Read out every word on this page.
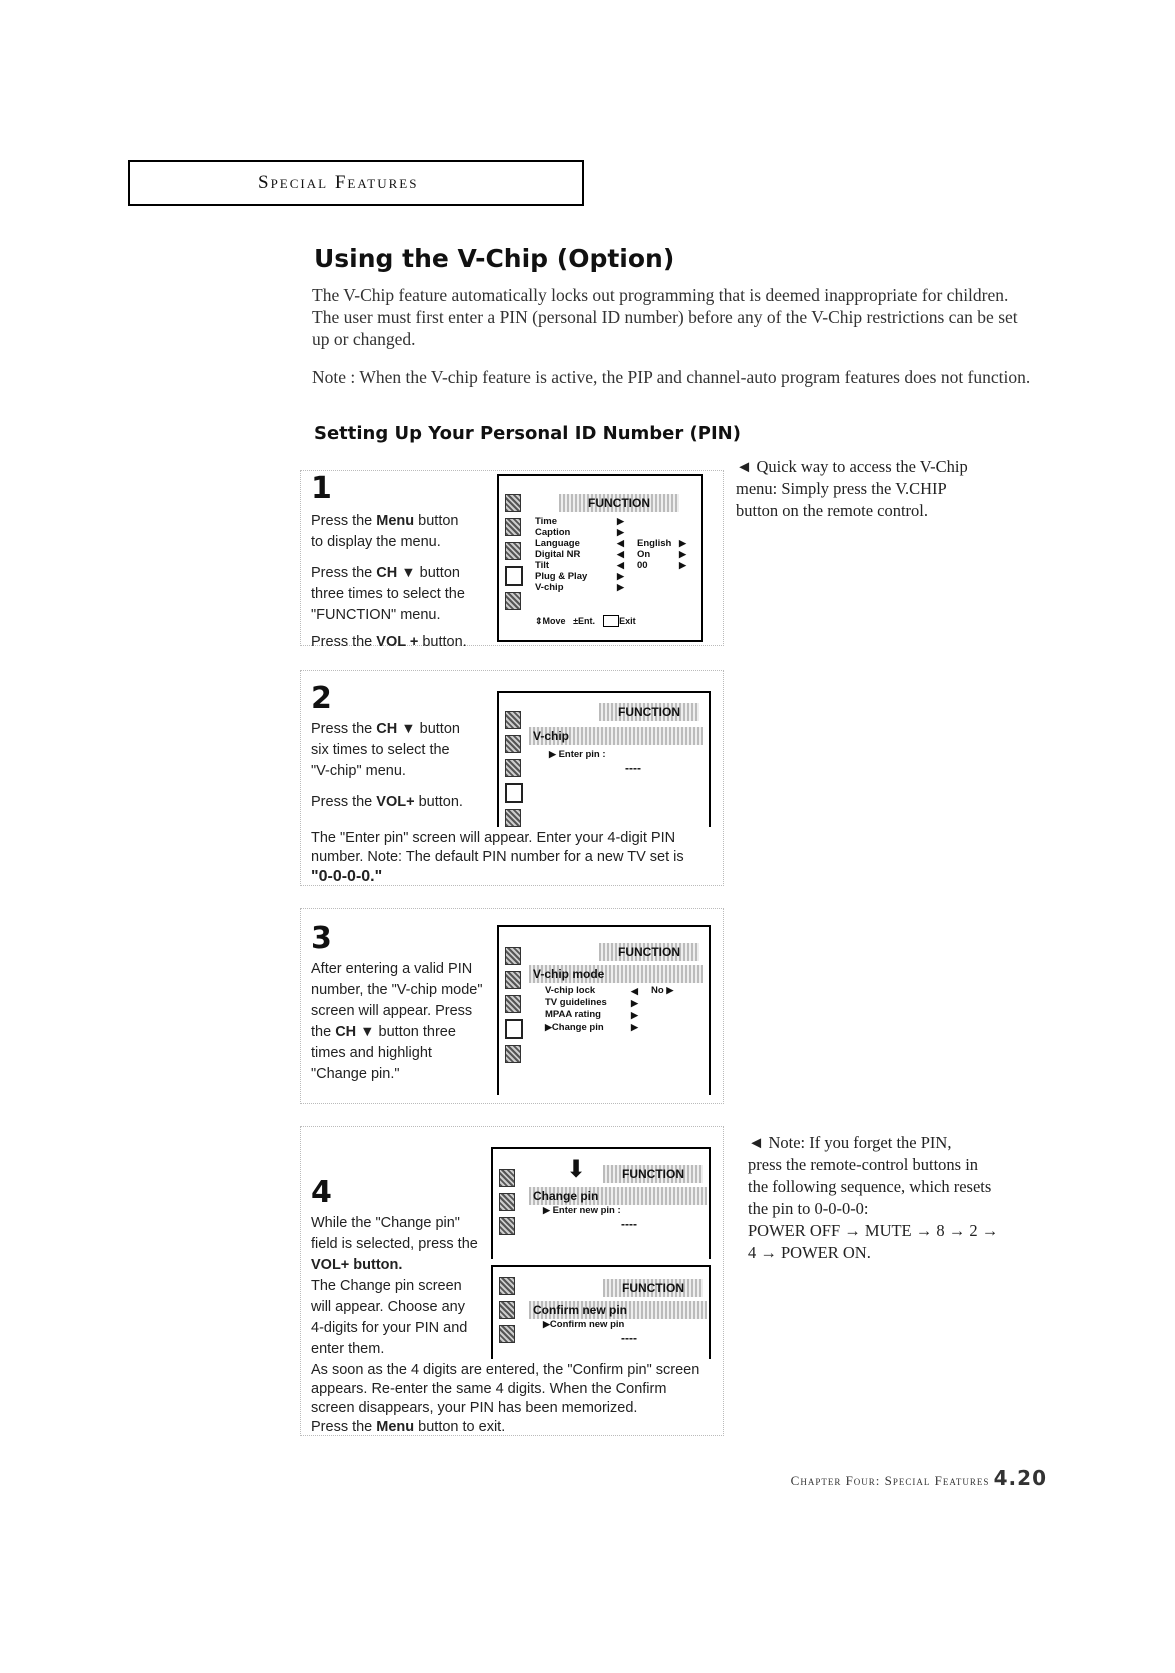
Special Features
Using the V-Chip (Option)
The V-Chip feature automatically locks out programming that is deemed inappropriate for children. The user must first enter a PIN (personal ID number) before any of the V-Chip restrictions can be set up or changed.
Note : When the V-chip feature is active, the PIP and channel-auto program features does not function.
Setting Up Your Personal ID Number (PIN)
1
Press the Menu button
to display the menu.
Press the CH ▼ button
three times to select the
"FUNCTION" menu.
Press the VOL + button.
FUNCTION
Time
Caption
Language
Digital NR
Tilt
Plug & Play
V-chip
▶
▶
◀
◀
◀
▶
▶
English
On
00
▶
▶
▶
⇕Move ±Ent.	Exit
2
Press the CH ▼ button
six times to select the
"V-chip" menu.
Press the VOL+ button.
The "Enter pin" screen will appear. Enter your 4-digit PIN
number. Note: The default PIN number for a new TV set is
"0-0-0-0."
FUNCTION
V-chip
▶ Enter pin :
----
3
After entering a valid PIN
number, the "V-chip mode"
screen will appear. Press
the CH ▼ button three
times and highlight
"Change pin."
FUNCTION
V-chip mode
V-chip lock
TV guidelines
MPAA rating
▶Change pin
◀
▶
▶
▶
No ▶
4
While the "Change pin"
field is selected, press the
VOL+ button.
The Change pin screen
will appear. Choose any
4-digits for your PIN and
enter them.
As soon as the 4 digits are entered, the "Confirm pin" screen
appears. Re-enter the same 4 digits. When the Confirm
screen disappears, your PIN has been memorized.
Press the Menu button to exit.
FUNCTION
Change pin
▶ Enter new pin :
----
FUNCTION
Confirm new pin
▶Confirm new pin
----
⬇
◄ Quick way to access the V-Chip
menu: Simply press the V.CHIP
button on the remote control.
◄ Note: If you forget the PIN,
press the remote-control buttons in
the following sequence, which resets
the pin to 0-0-0-0:
POWER OFF → MUTE → 8 → 2 →
4 → POWER ON.
Chapter Four: Special Features 4.20
